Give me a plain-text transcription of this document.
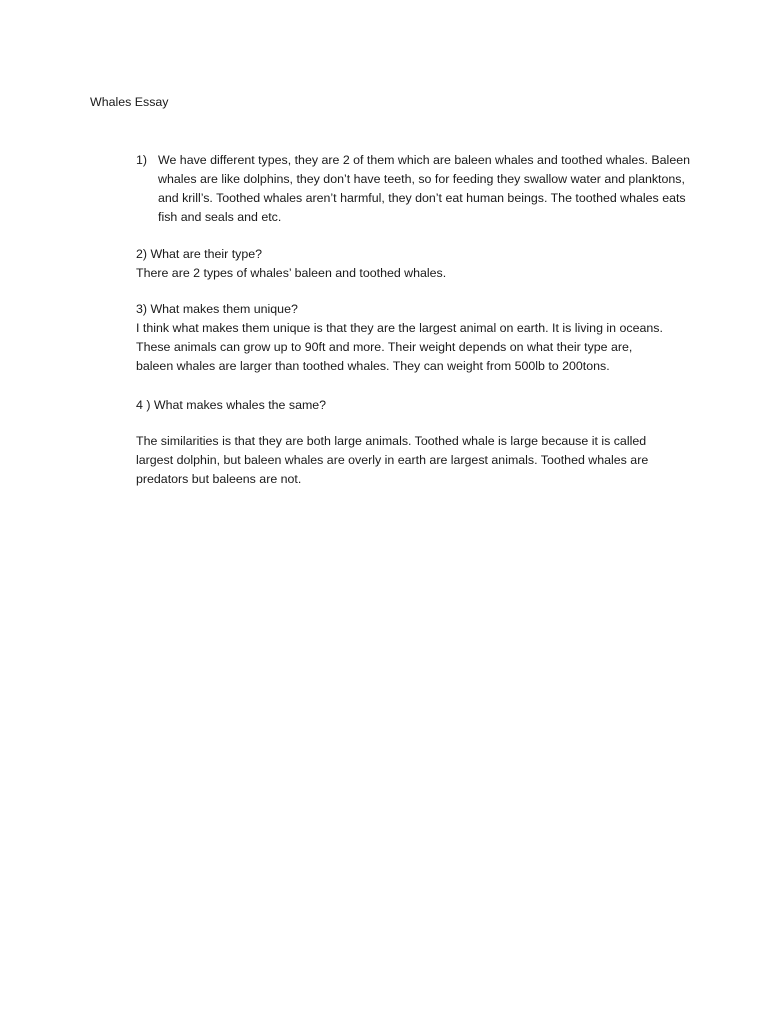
Whales Essay
1) We have different types, they are 2 of them which are baleen whales and toothed whales. Baleen whales are like dolphins, they don’t have teeth, so for feeding they swallow water and planktons, and krill’s. Toothed whales aren’t harmful, they don’t eat human beings. The toothed whales eats fish and seals and etc.
2) What are their type?
There are 2 types of whales’ baleen and toothed whales.
3) What makes them unique?
I think what makes them unique is that they are the largest animal on earth. It is living in oceans.
These animals can grow up to 90ft and more. Their weight depends on what their type are,
baleen whales are larger than toothed whales. They can weight from 500lb to 200tons.
4 ) What makes whales the same?
The similarities is that they are both large animals. Toothed whale is large because it is called
largest dolphin, but baleen whales are overly in earth are largest animals. Toothed whales are
predators but baleens are not.
